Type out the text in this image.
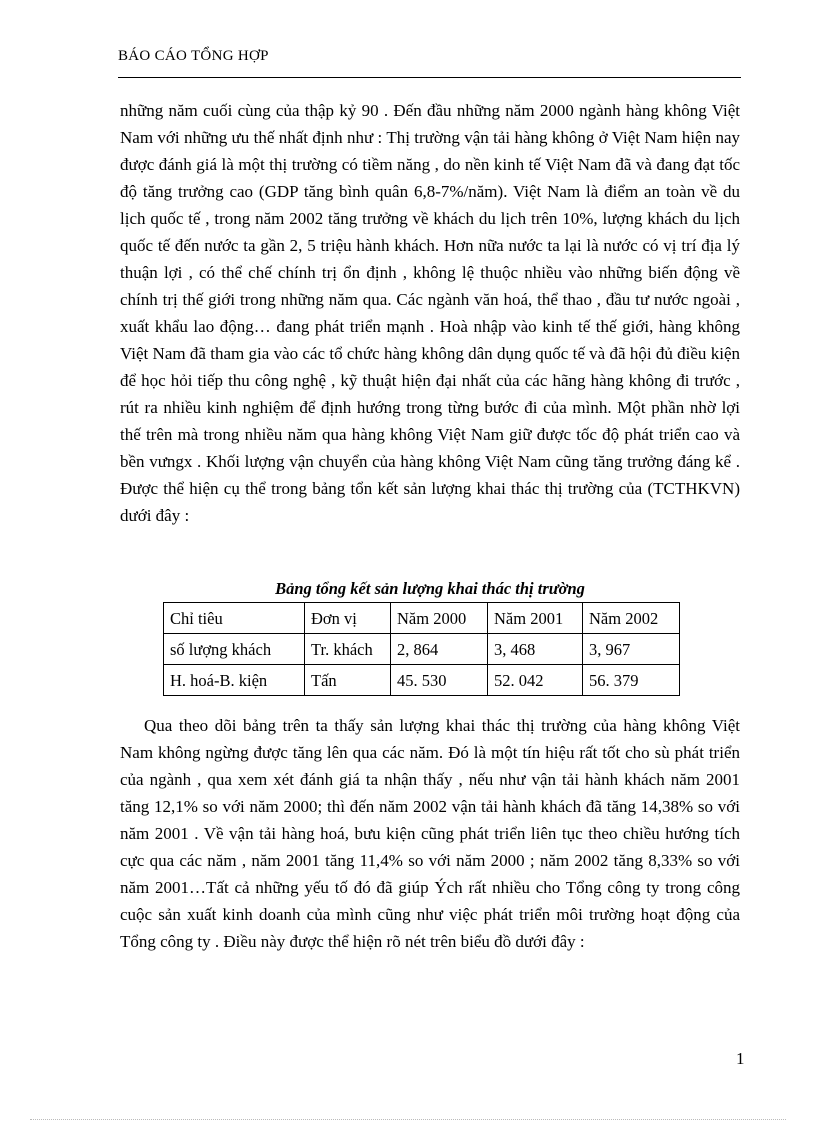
BÁO CÁO TỔNG HỢP

những năm cuối cùng của thập kỷ 90 . Đến đầu những năm 2000 ngành hàng không Việt Nam với những ưu thế nhất định như : Thị trường vận tải hàng không ở Việt Nam hiện nay được đánh giá là một thị trường có tiềm năng , do nền kinh tế Việt Nam đã và đang đạt tốc độ tăng trưởng cao (GDP tăng bình quân 6,8-7%/năm). Việt Nam là điểm an toàn về du lịch quốc tế , trong năm 2002 tăng trưởng về khách du lịch trên 10%, lượng khách du lịch quốc tế đến nước ta gần 2, 5 triệu hành khách. Hơn nữa nước ta lại là nước có vị trí địa lý thuận lợi , có thể chế chính trị ổn định , không lệ thuộc nhiều vào những biến động về chính trị thế giới trong những năm qua. Các ngành văn hoá, thể thao , đầu tư nước ngoài , xuất khẩu lao động… đang phát triển mạnh . Hoà nhập vào kinh tế thế giới, hàng không Việt Nam đã tham gia vào các tổ chức hàng không dân dụng quốc tế và đã hội đủ điều kiện để học hỏi tiếp thu công nghệ , kỹ thuật hiện đại nhất của các hãng hàng không đi trước , rút ra nhiều kinh nghiệm để định hướng trong từng bước đi của mình. Một phần nhờ lợi thế trên mà trong nhiều năm qua hàng không Việt Nam giữ được tốc độ phát triển cao và bền vưngx . Khối lượng vận chuyển của hàng không Việt Nam cũng tăng trưởng đáng kể . Được thể hiện cụ thể trong bảng tổn kết sản lượng khai thác thị trường của (TCTHKVN) dưới đây :

Bảng tổng kết sản lượng khai thác thị trường
Chỉ tiêu	Đơn vị	Năm 2000	Năm 2001	Năm 2002
số lượng khách	Tr. khách	2, 864	3, 468	3, 967
H. hoá-B. kiện	Tấn	45. 530	52. 042	56. 379

Qua theo dõi bảng trên ta thấy sản lượng khai thác thị trường của hàng không Việt Nam không ngừng được tăng lên qua các năm. Đó là một tín hiệu rất tốt cho sù phát triển của ngành , qua xem xét đánh giá ta nhận thấy , nếu như vận tải hành khách năm 2001 tăng 12,1% so với năm 2000; thì đến năm 2002 vận tải hành khách đã tăng 14,38% so với năm 2001 . Về vận tải hàng hoá, bưu kiện cũng phát triển liên tục theo chiều hướng tích cực qua các năm , năm 2001 tăng 11,4% so với năm 2000 ; năm 2002 tăng 8,33% so với năm 2001…Tất cả những yếu tố đó đã giúp Ých rất nhiều cho Tổng công ty trong công cuộc sản xuất kinh doanh của mình cũng như việc phát triển môi trường hoạt động của Tổng công ty . Điều này được thể hiện rõ nét trên biểu đồ dưới đây :

1
